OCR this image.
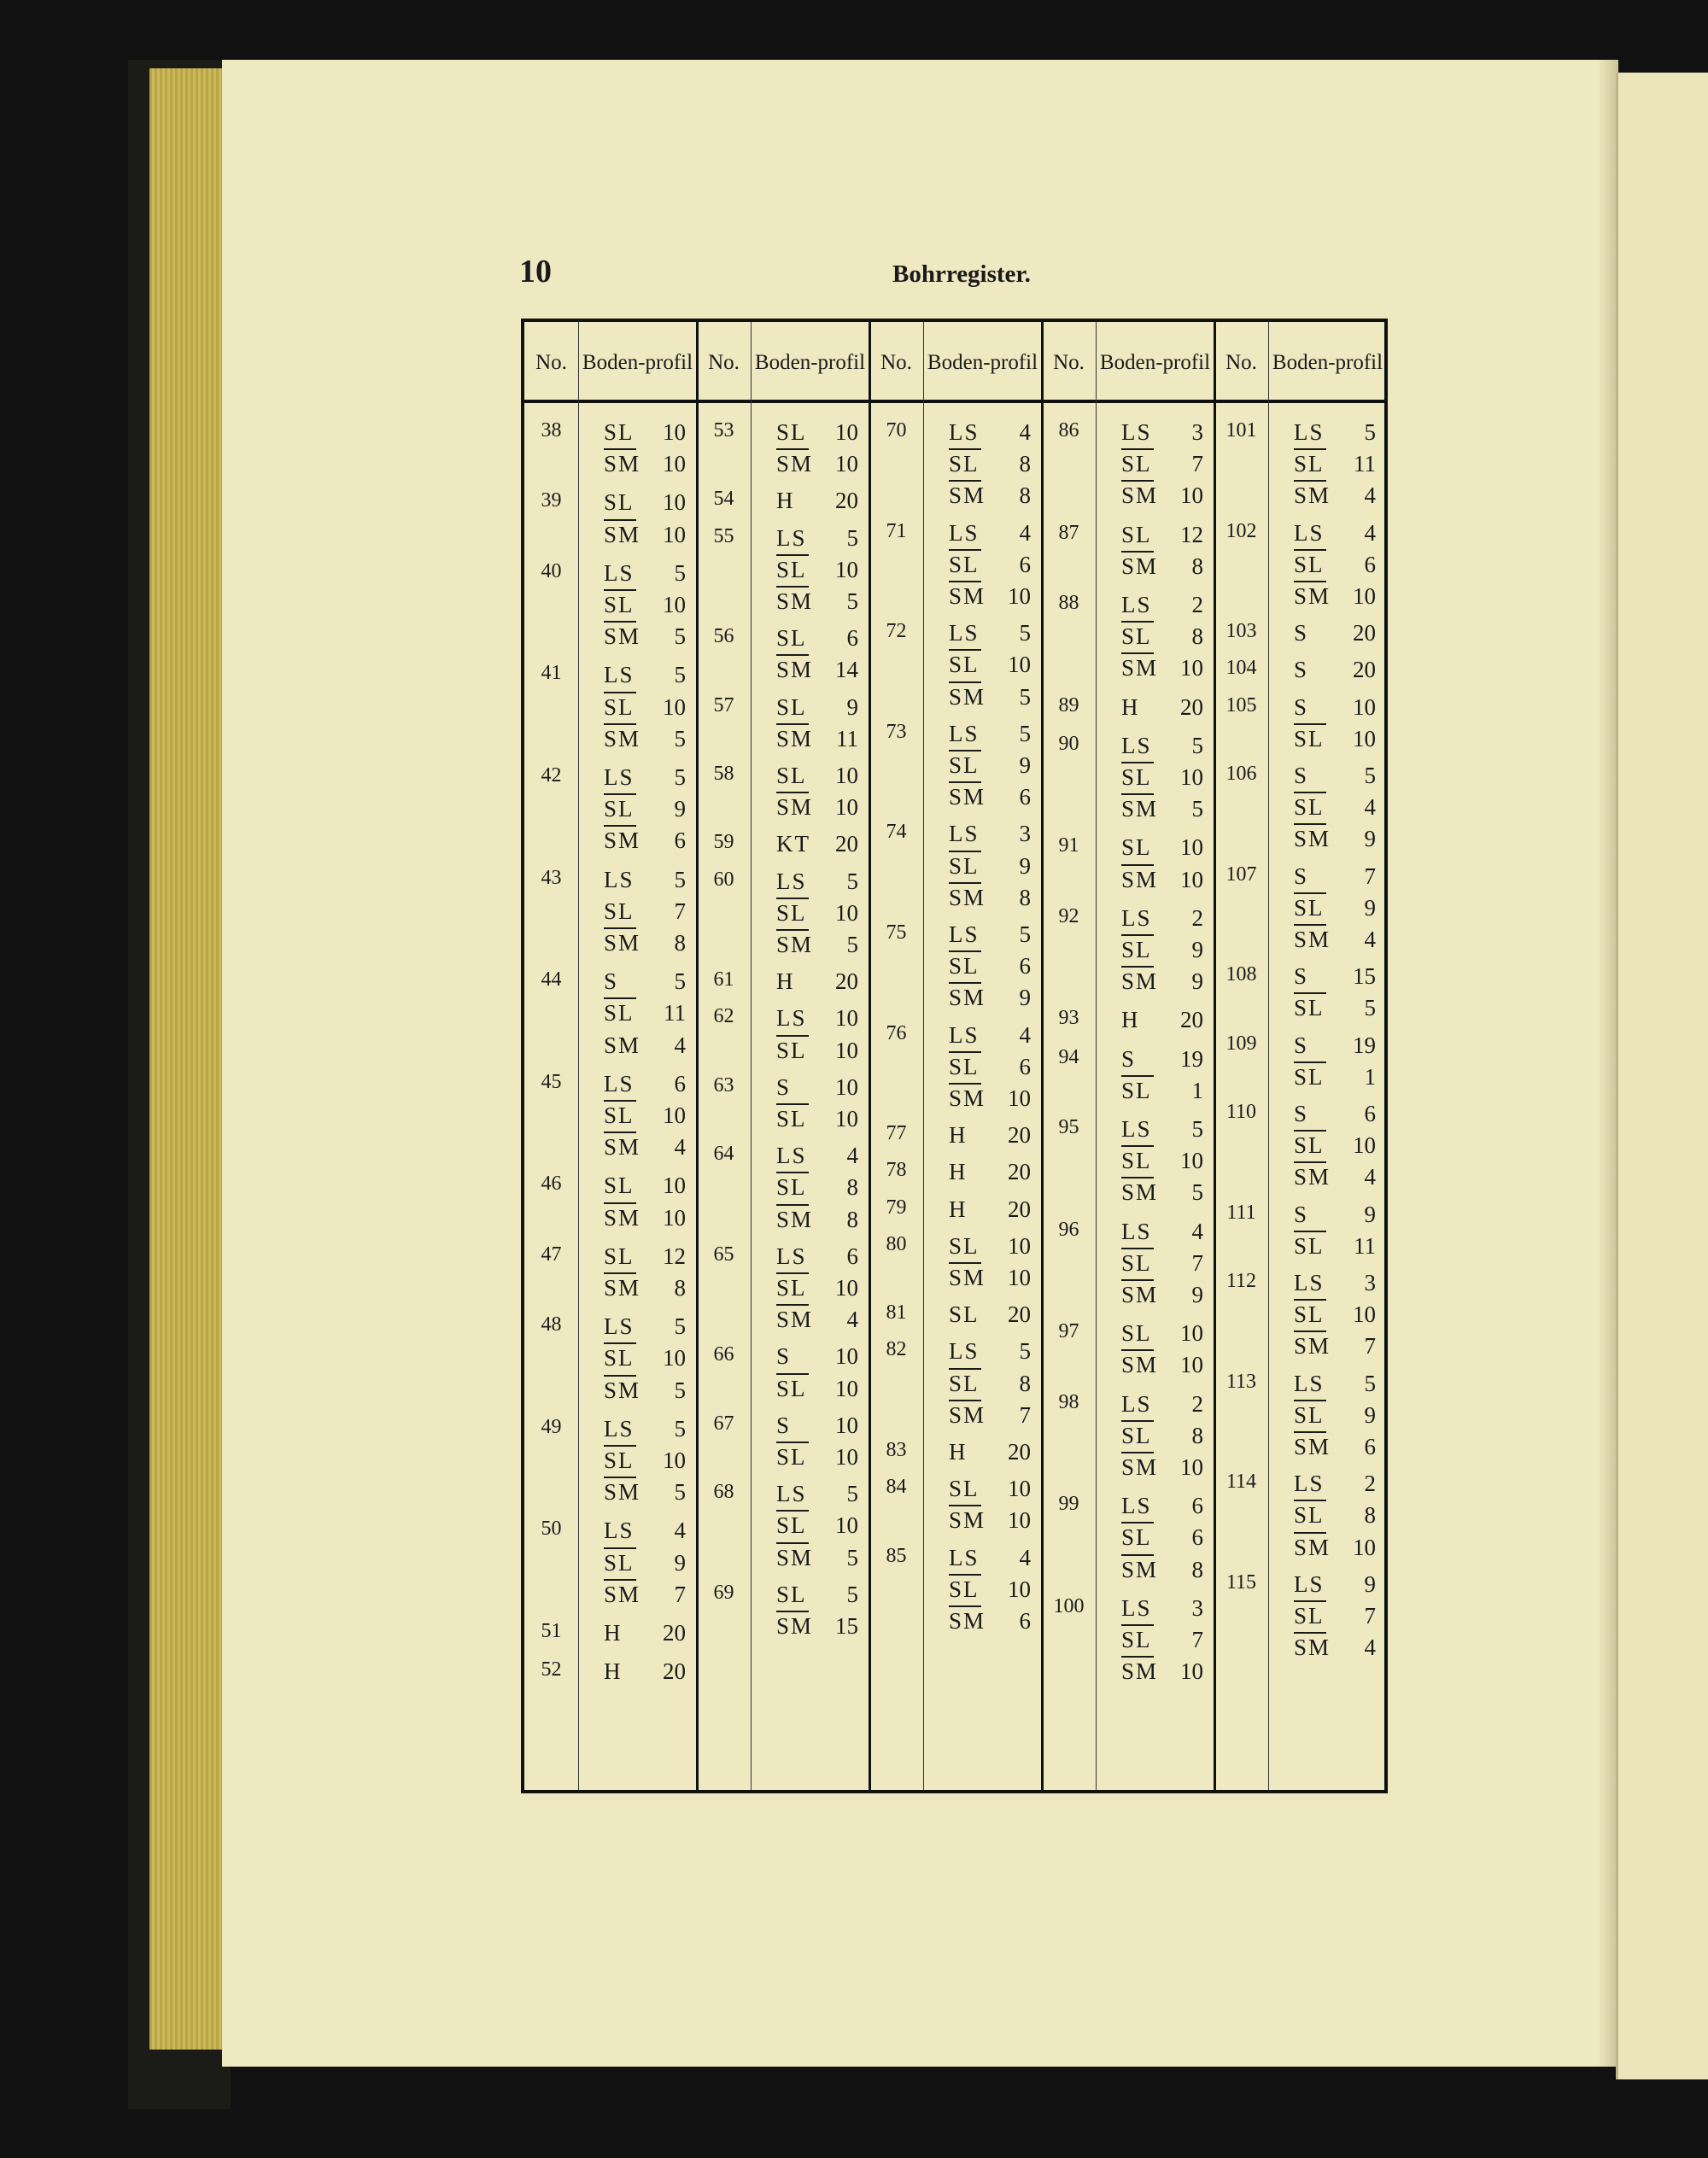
10	Bohrregister.
No. Boden- profil No. Boden- profil No. Boden- profil No. Boden- profil No. Boden- profil
38	SL 10
SM 10
39	SL 10
SM 10
40	LS 5
SL 10
SM 5
41	LS 5
SL 10
SM 5
42	LS 5
SL 9
SM 6
43	LS 5
SL 7
SM 8
44	S 5
SL 11
SM 4
45	LS 6
SL 10
SM 4
46	SL 10
SM 10
47	SL 12
SM 8
48	LS 5
SL 10
SM 5
49	LS 5
SL 10
SM 5
50	LS 4
SL 9
SM 7
51	H 20
52	H 20
53	SL 10
SM 10
54	H 20
55	LS 5
SL 10
SM 5
56	SL 6
SM 14
57	SL 9
SM 11
58	SL 10
SM 10
59	KT 20
60	LS 5
SL 10
SM 5
61	H 20
62	LS 10
SL 10
63	S 10
SL 10
64	LS 4
SL 8
SM 8
65	LS 6
SL 10
SM 4
66	S 10
SL 10
67	S 10
SL 10
68	LS 5
SL 10
SM 5
69	SL 5
SM 15
70	LS 4
SL 8
SM 8
71	LS 4
SL 6
SM 10
72	LS 5
SL 10
SM 5
73	LS 5
SL 9
SM 6
74	LS 3
SL 9
SM 8
75	LS 5
SL 6
SM 9
76	LS 4
SL 6
SM 10
77	H 20
78	H 20
79	H 20
80	SL 10
SM 10
81	SL 20
82	LS 5
SL 8
SM 7
83	H 20
84	SL 10
SM 10
85	LS 4
SL 10
SM 6
86	LS 3
SL 7
SM 10
87	SL 12
SM 8
88	LS 2
SL 8
SM 10
89	H 20
90	LS 5
SL 10
SM 5
91	SL 10
SM 10
92	LS 2
SL 9
SM 9
93	H 20
94	S 19
SL 1
95	LS 5
SL 10
SM 5
96	LS 4
SL 7
SM 9
97	SL 10
SM 10
98	LS 2
SL 8
SM 10
99	LS 6
SL 6
SM 8
100	LS 3
SL 7
SM 10
101	LS 5
SL 11
SM 4
102	LS 4
SL 6
SM 10
103	S 20
104	S 20
105	S 10
SL 10
106	S 5
SL 4
SM 9
107	S 7
SL 9
SM 4
108	S 15
SL 5
109	S 19
SL 1
110	S 6
SL 10
SM 4
111	S 9
SL 11
112	LS 3
SL 10
SM 7
113	LS 5
SL 9
SM 6
114	LS 2
SL 8
SM 10
115	LS 9
SL 7
SM 4
